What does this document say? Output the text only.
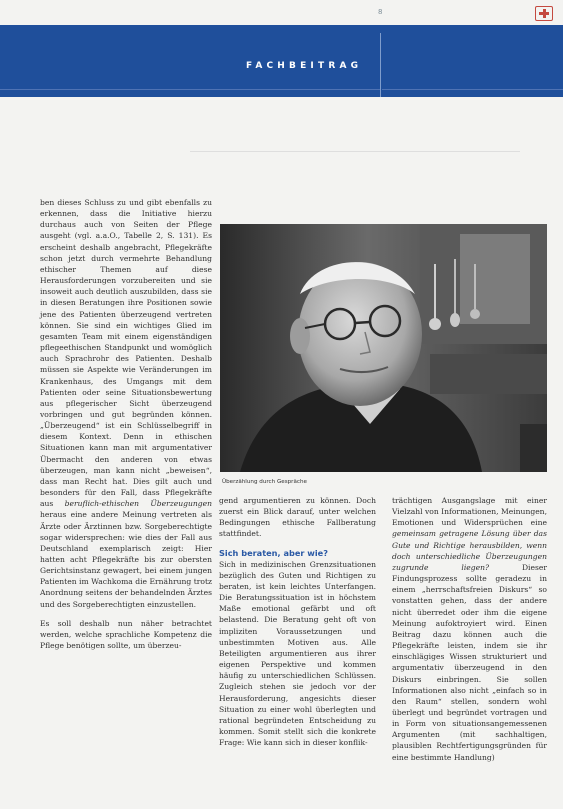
8
FACHBEITRAG

ben dieses Schluss zu und gibt ebenfalls zu erkennen, dass die Initiative hierzu durchaus auch von Seiten der Pflege ausgeht (vgl. a.a.O., Tabelle 2, S. 131). Es erscheint deshalb angebracht, Pflegekräfte schon jetzt durch vermehrte Behandlung ethischer Themen auf diese Herausforderungen vorzubereiten und sie insoweit auch deutlich auszubilden, dass sie in diesen Beratungen ihre Positionen sowie jene des Patienten überzeugend vertreten können. Sie sind ein wichtiges Glied im gesamten Team mit einem eigenständigen pflegeethischen Standpunkt und womöglich auch Sprachrohr des Patienten. Deshalb müssen sie Aspekte wie Veränderungen im Krankenhaus, des Umgangs mit dem Patienten oder seine Situationsbewertung aus pflegerischer Sicht überzeugend vorbringen und gut begründen können. „Überzeugend“ ist ein Schlüsselbegriff in diesem Kontext. Denn in ethischen Situationen kann man mit argumentativer Übermacht den anderen von etwas überzeugen, man kann nicht „beweisen“, dass man Recht hat. Dies gilt auch und besonders für den Fall, dass Pflegekräfte aus beruflich-ethischen Überzeugungen heraus eine andere Meinung vertreten als Ärzte oder Ärztinnen bzw. Sorgeberechtigte sogar widersprechen: wie dies der Fall aus Deutschland exemplarisch zeigt: Hier hatten acht Pflegekräfte bis zur obersten Gerichtsinstanz gewagert, bei einem jungen Patienten im Wachkoma die Ernährung trotz Anordnung seitens der behandelnden Ärztes und des Sorgeberechtigten einzustellen.

Es soll deshalb nun näher betrachtet werden, welche sprachliche Kompetenz die Pflege benötigen sollte, um überzeu-

Überzählung durch Gespräche

gend argumentieren zu können. Doch zuerst ein Blick darauf, unter welchen Bedingungen ethische Fallberatung stattfindet.

Sich beraten, aber wie?

Sich in medizinischen Grenzsituationen bezüglich des Guten und Richtigen zu beraten, ist kein leichtes Unterfangen. Die Beratungssituation ist in höchstem Maße emotional gefärbt und oft belastend. Die Beratung geht oft von impliziten Voraussetzungen und unbestimmten Motiven aus. Alle Beteiligten argumentieren aus ihrer eigenen Perspektive und kommen häufig zu unterschiedlichen Schlüssen. Zugleich stehen sie jedoch vor der Herausforderung, angesichts dieser Situation zu einer wohl überlegten und rational begründeten Entscheidung zu kommen. Somit stellt sich die konkrete Frage: Wie kann sich in dieser konflik-

trächtigen Ausgangslage mit einer Vielzahl von Informationen, Meinungen, Emotionen und Widersprüchen eine gemeinsam getragene Lösung über das Gute und Richtige herausbilden, wenn doch unterschiedliche Überzeugungen zugrunde liegen?	Dieser Findungsprozess sollte geradezu in einem „herrschaftsfreien Diskurs“ so vonstatten gehen, dass der andere nicht überredet oder ihm die eigene Meinung aufoktroyiert wird. Einen Beitrag dazu können auch die Pflegekräfte leisten, indem sie ihr einschlägiges Wissen strukturiert und argumentativ überzeugend in den Diskurs einbringen. Sie sollen Informationen also nicht „einfach so in den Raum“ stellen, sondern wohl überlegt und begründet vortragen und in Form von situationsangemessenen Argumenten (mit sachhaltigen, plausiblen Rechtfertigungsgründen für eine bestimmte Handlung)
